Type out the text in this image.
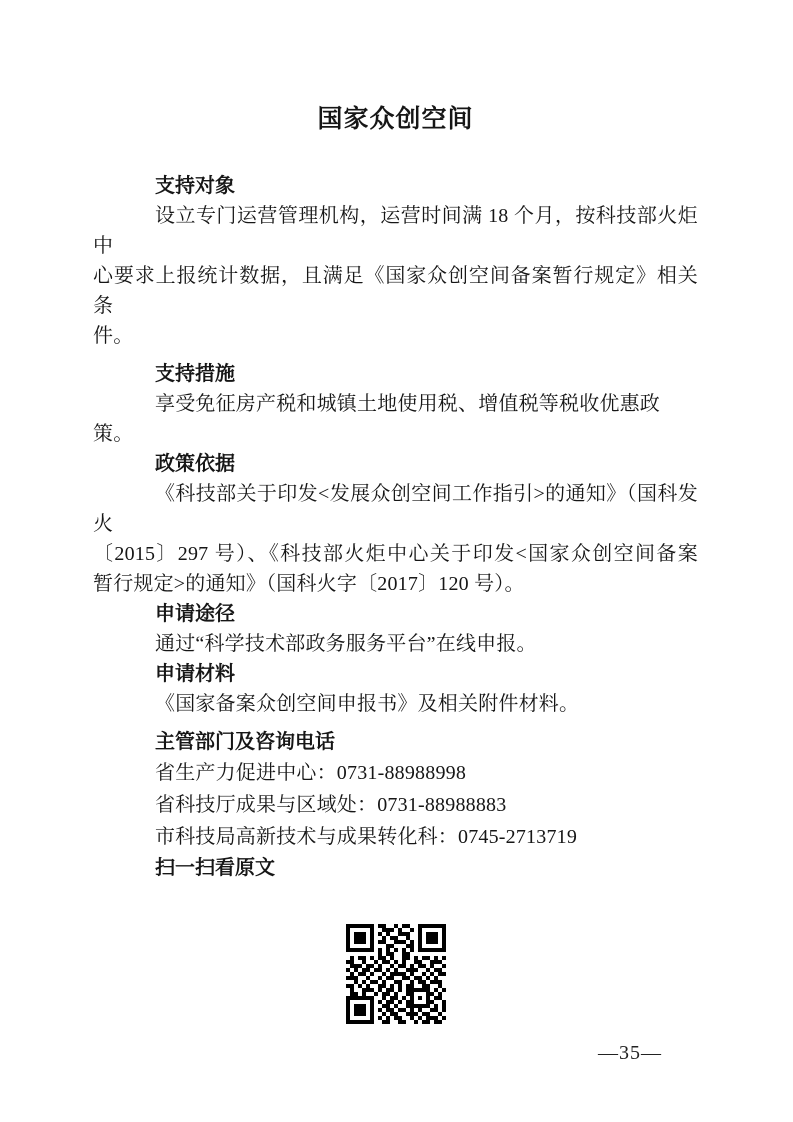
国家众创空间
支持对象
设立专门运营管理机构，运营时间满 18 个月，按科技部火炬中
心要求上报统计数据，且满足《国家众创空间备案暂行规定》相关条
件。
支持措施
享受免征房产税和城镇土地使用税、增值税等税收优惠政策。
政策依据
《科技部关于印发<发展众创空间工作指引>的通知》（国科发火
〔2015〕297 号）、《科技部火炬中心关于印发<国家众创空间备案
暂行规定>的通知》（国科火字〔2017〕120 号）。
申请途径
通过“科学技术部政务服务平台”在线申报。
申请材料
《国家备案众创空间申报书》及相关附件材料。
主管部门及咨询电话
省生产力促进中心：0731-88988998
省科技厅成果与区域处：0731-88988883
市科技局高新技术与成果转化科：0745-2713719
扫一扫看原文
—35—
